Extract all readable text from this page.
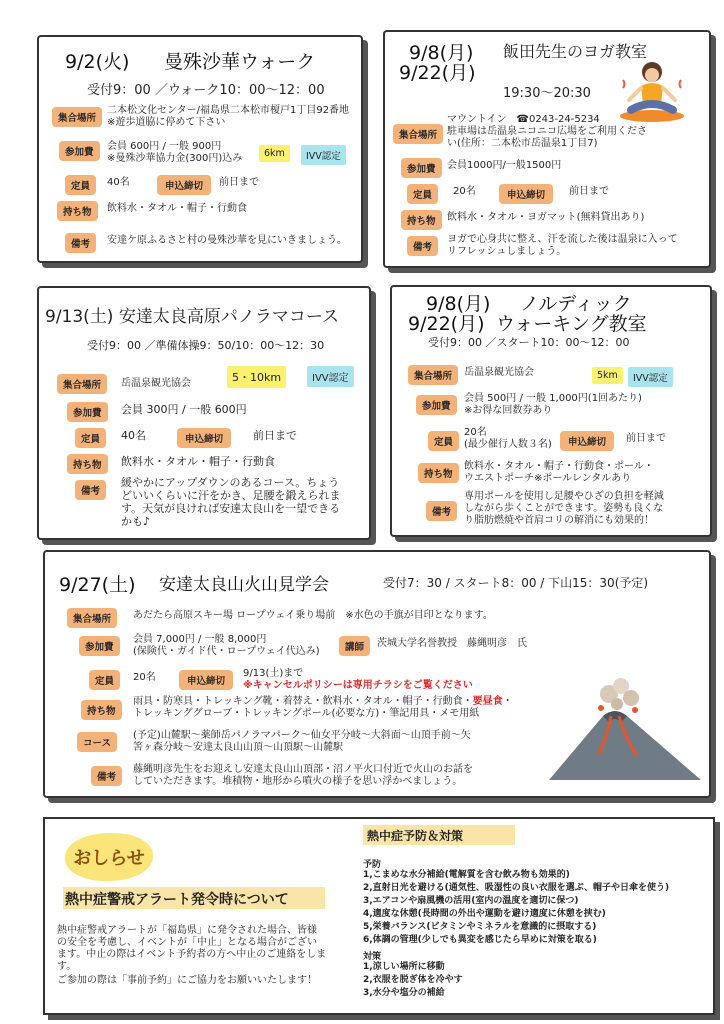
9/2(火) 曼殊沙華ウォーク
受付9：00 ／ウォーク10：00～12：00
集合場所
二本松文化センター/福島県二本松市榎戸1丁目92番地
※遊歩道脇に停めて下さい
参加費
会員 600円 / 一般 900円
※曼殊沙華協力金(300円)込み	6km	IVV認定
定員	40名	申込締切	前日まで
持ち物	飲料水・タオル・帽子・行動食
備考	安達ケ原ふるさと村の曼殊沙華を見にいきましょう。
9/8(月)
9/22(月)
飯田先生のヨガ教室
19:30～20:30
集合場所
マウントイン　☎0243-24-5234
駐車場は岳温泉ニコニコ広場をご利用くださ
い(住所：二本松市岳温泉1丁目7)
参加費	会員1000円/一般1500円
定員	20名	申込締切	前日まで
持ち物	飲料水・タオル・ヨガマット(無料貸出あり)
備考
ヨガで心身共に整え、汗を流した後は温泉に入って
リフレッシュしましょう。
9/13(土) 安達太良高原パノラマコース
受付9：00 ／準備体操9：50/10：00～12：30
集合場所	岳温泉観光協会	5・10km	IVV認定
参加費	会員 300円 / 一般 600円
定員	40名	申込締切	前日まで
持ち物	飲料水・タオル・帽子・行動食
備考
緩やかにアップダウンのあるコース。ちょう
どいいくらいに汗をかき、足腰を鍛えられま
す。天気が良ければ安達太良山を一望できる
かも♪
9/8(月)
9/22(月)
ノルディック
ウォーキング教室
受付9：00 ／スタート10：00～12：00
集合場所	岳温泉観光協会	5km	IVV認定
参加費
会員 500円 / 一般 1,000円(1回あたり)
※お得な回数券あり
定員
20名
(最少催行人数３名)	申込締切	前日まで
持ち物
飲料水・タオル・帽子・行動食・ポール・
ウエストポーチ※ポールレンタルあり
備考
専用ポールを使用し足腰やひざの負担を軽減
しながら歩くことができます。姿勢も良くな
り脂肪燃焼や首肩コリの解消にも効果的！
9/27(土) 安達太良山火山見学会	受付7：30 / スタート8：00 / 下山15：30(予定)
集合場所	あだたら高原スキー場 ロープウェイ乗り場前　※水色の手旗が目印となります。
参加費
会員 7,000円 / 一般 8,000円
(保険代・ガイド代・ロープウェイ代込み)	講師	茨城大学名誉教授　藤縄明彦　氏
定員	20名	申込締切
9/13(土)まで
※キャンセルポリシーは専用チラシをご覧ください
持ち物
雨具・防寒具・トレッキング靴・着替え・飲料水・タオル・帽子・行動食・要昼食・
トレッキンググローブ・トレッキングポール(必要な方)・筆記用具・メモ用紙
コース
(予定)山麓駅～薬師岳パノラマパーク～仙女平分岐～大斜面～山頂手前～矢
筈ヶ森分岐～安達太良山山頂～山頂駅～山麓駅
備考
藤縄明彦先生をお迎えし安達太良山山頂部・沼ノ平火口付近で火山のお話を
していただきます。堆積物・地形から噴火の様子を思い浮かべましょう。
おしらせ
熱中症警戒アラート発令時について
熱中症警戒アラートが「福島県」に発令された場合、皆様
の安全を考慮し、イベントが「中止」となる場合がござい
ます。中止の際はイベント予約者の方へ中止のご連絡をしま
す。
ご参加の際は「事前予約」にご協力をお願いいたします！
熱中症予防＆対策
予防
1,こまめな水分補給(電解質を含む飲み物も効果的)
2,直射日光を避ける(通気性、吸湿性の良い衣服を選ぶ、帽子や日傘を使う)
3,エアコンや扇風機の活用(室内の温度を適切に保つ)
4,適度な休憩(長時間の外出や運動を避け適度に休憩を挟む)
5,栄養バランス(ビタミンやミネラルを意識的に摂取する)
6,体調の管理(少しでも異変を感じたら早めに対策を取る)
対策
1,涼しい場所に移動
2,衣服を脱ぎ体を冷やす
3,水分や塩分の補給
